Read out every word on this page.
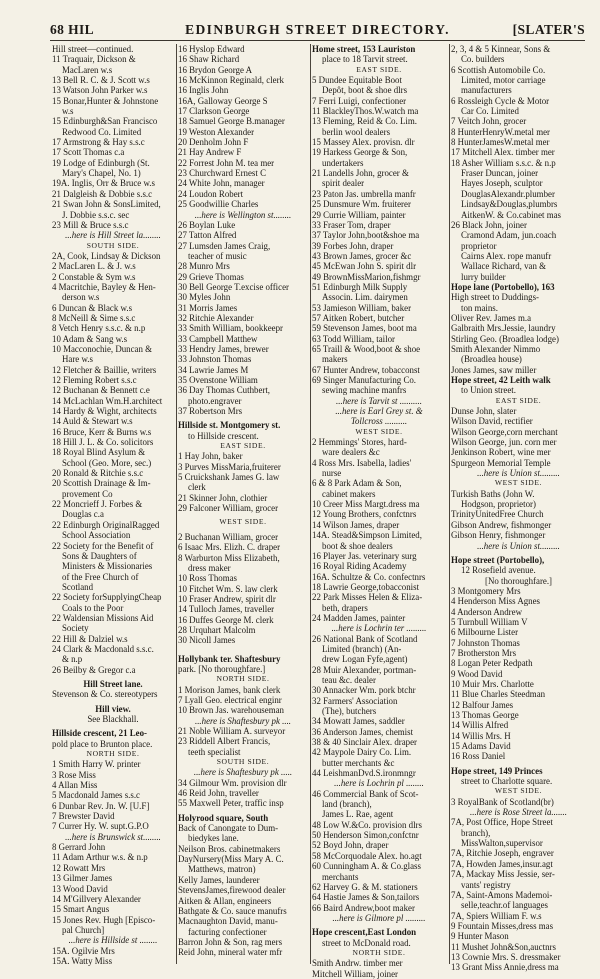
68 HIL	EDINBURGH STREET DIRECTORY.	[SLATER'S
Hill street—continued.
11 Traquair, Dickson &
MacLaren w.s
13 Bell R. C. & J. Scott w.s
13 Watson John Parker w.s
15 Bonar,Hunter & Johnstone
w.s
15 Edinburgh&San Francisco
Redwood Co. Limited
17 Armstrong & Hay s.s.c
17 Scott Thomas c.a
19 Lodge of Edinburgh (St.
Mary's Chapel, No. 1)
19A. Inglis, Orr & Bruce w.s
21 Dalgleish & Dobbie s.s.c
21 Swan John & SonsLimited,
J. Dobbie s.s.c. sec
23 Mill & Bruce s.s.c
...here is Hill Street la........
SOUTH SIDE.
2A, Cook, Lindsay & Dickson
2 MacLaren L. & J. w.s
2 Constable & Sym w.s
4 Macritchie, Bayley & Hen-
derson w.s
6 Duncan & Black w.s
8 McNeill & Sime s.s.c
8 Vetch Henry s.s.c. & n.p
10 Adam & Sang w.s
10 Macconochie, Duncan &
Hare w.s
12 Fletcher & Baillie, writers
12 Fleming Robert s.s.c
12 Buchanan & Bennett c.e
14 McLachlan Wm.H.architect
14 Hardy & Wight, architects
14 Auld & Stewart w.s
16 Bruce, Kerr & Burns w.s
18 Hill J. L. & Co. solicitors
18 Royal Blind Asylum &
School (Geo. More, sec.)
20 Ronald & Ritchie s.s.c
20 Scottish Drainage & Im-
provement Co
22 Moncrieff J. Forbes &
Douglas c.a
22 Edinburgh OriginalRagged
School Association
22 Society for the Benefit of
Sons & Daughters of
Ministers & Missionaries
of the Free Church of
Scotland
22 Society forSupplyingCheap
Coals to the Poor
22 Waldensian Missions Aid
Society
22 Hill & Dalziel w.s
24 Clark & Macdonald s.s.c.
& n.p
26 Beilby & Gregor c.a
Hill Street lane.
Stevenson & Co. stereotypers
Hill view.
See Blackhall.
Hillside crescent, 21 Leo-
pold place to Brunton place.
NORTH SIDE.
1 Smith Harry W. printer
3 Rose Miss
4 Allan Miss
5 Macdonald James s.s.c
6 Dunbar Rev. Jn. W. [U.F]
7 Brewster David
7 Currer Hy. W. supt.G.P.O
...here is Brunswick st........
8 Gerrard John
11 Adam Arthur w.s. & n.p
12 Rowatt Mrs
13 Gilmer James
13 Wood David
14 M'Gillvery Alexander
15 Smart Angus
15 Jones Rev. Hugh [Episco-
pal Church]
...here is Hillside st ........
15A. Ogilvie Mrs
15A. Watty Miss
16 Hyslop Edward
16 Shaw Richard
16 Brydon George A
16 McKinnon Reginald, clerk
16 Inglis John
16A, Galloway George S
17 Clarkson George
18 Samuel George B.manager
19 Weston Alexander
20 Denholm John F
21 Hay Andrew F
22 Forrest John M. tea mer
23 Churchward Ernest C
24 White John, manager
24 Loudon Robert
25 Goodwillie Charles
...here is Wellington st........
26 Boylan Luke
27 Tatton Alfred
27 Lumsden James Craig,
teacher of music
28 Munro Mrs
29 Grieve Thomas
30 Bell George T.excise officer
30 Myles John
31 Morris James
32 Ritchie Alexander
33 Smith William, bookkeepr
33 Campbell Matthew
33 Hendry James, brewer
33 Johnston Thomas
34 Lawrie James M
35 Ovenstone William
36 Day Thomas Cuthbert,
photo.engraver
37 Robertson Mrs
Hillside st. Montgomery st.
to Hillside crescent.
EAST SIDE.
1 Hay John, baker
3 Purves MissMaria,fruiterer
5 Cruickshank James G. law
clerk
21 Skinner John, clothier
29 Falconer William, grocer
WEST SIDE.
2 Buchanan William, grocer
6 Isaac Mrs. Elizh. C. draper
8 Warburton Miss Elizabeth,
dress maker
10 Ross Thomas
10 Fitchet Wm. S. law clerk
10 Fraser Andrew, spirit dlr
14 Tulloch James, traveller
16 Duffes George M. clerk
28 Urquhart Malcolm
30 Nicoll James
Hollybank ter. Shaftesbury
park. [No thoroughfare.]
NORTH SIDE.
1 Morison James, bank clerk
7 Lyall Geo. electrical enginr
10 Brown Jas. warehouseman
...here is Shaftesbury pk ....
21 Noble William A. surveyor
23 Riddell Albert Francis,
teeth specialist
SOUTH SIDE.
...here is Shaftesbury pk .....
34 Gilmour Wm. provision dlr
46 Reid John, traveller
55 Maxwell Peter, traffic insp
Holyrood square, South
Back of Canongate to Dum-
biedykes lane.
Neilson Bros. cabinetmakers
DayNursery(Miss Mary A. C.
Matthews, matron)
Kelly James, launderer
StevensJames,firewood dealer
Aitken & Allan, engineers
Bathgate & Co. sauce manufrs
Macnaughton David, manu-
facturing confectioner
Barron John & Son, rag mers
Reid John, mineral water mfr
Home street, 153 Lauriston
place to 18 Tarvit street.
EAST SIDE.
5 Dundee Equitable Boot
Depôt, boot & shoe dlrs
7 Ferri Luigi, confectioner
11 BlackleyThos.W.watch ma
13 Fleming, Reid & Co. Lim.
berlin wool dealers
15 Massey Alex. provisn. dlr
19 Harkess George & Son,
undertakers
21 Landells John, grocer &
spirit dealer
23 Paton Jas. umbrella manfr
25 Dunsmure Wm. fruiterer
29 Currie William, painter
33 Fraser Tom, draper
37 Taylor John,boot&shoe ma
39 Forbes John, draper
43 Brown James, grocer &c
45 McEwan John S. spirit dlr
49 BrownMissMarion,fishmgr
51 Edinburgh Milk Supply
Associn. Lim. dairymen
53 Jamieson William, baker
57 Aitken Robert, butcher
59 Stevenson James, boot ma
63 Todd William, tailor
65 Traill & Wood,boot & shoe
makers
67 Hunter Andrew, tobacconst
69 Singer Manufacturing Co.
sewing machine manfrs
...here is Tarvit st ..........
...here is Earl Grey st. &
Tollcross ..........
WEST SIDE.
2 Hemmings' Stores, hard-
ware dealers &c
4 Ross Mrs. Isabella, ladies'
nurse
6 & 8 Park Adam & Son,
cabinet makers
10 Creer Miss Margt.dress ma
12 Young Brothers, confctnrs
14 Wilson James, draper
14A. Stead&Simpson Limited,
boot & shoe dealers
16 Player Jas. veterinary surg
16 Royal Riding Academy
16A. Schultze & Co. confectnrs
18 Lawrie George,tobacconist
22 Park Misses Helen & Eliza-
beth, drapers
24 Madden James, painter
...here is Lochrin ter .........
26 National Bank of Scotland
Limited (branch) (An-
drew Logan Fyfe,agent)
28 Muir Alexander, portman-
teau &c. dealer
30 Annacker Wm. pork btchr
32 Farmers' Association
(The), butchers
34 Mowatt James, saddler
36 Anderson James, chemist
38 & 40 Sinclair Alex. draper
42 Maypole Dairy Co. Lim.
butter merchants &c
44 LeishmanDvd.S.ironmngr
...here is Lochrin pl ........
46 Commercial Bank of Scot-
land (branch),
James L. Rae, agent
48 Low W.&Co. provision dlrs
50 Henderson Simon,confctnr
52 Boyd John, draper
58 McCorquodale Alex. ho.agt
60 Cunningham A. & Co.glass
merchants
62 Harvey G. & M. stationers
64 Hastie James & Son,tailors
66 Baird Andrew,boot maker
...here is Gilmore pl .........
Hope crescent,East London
street to McDonald road.
NORTH SIDE.
Smith Andrw. timber mer
Mitchell William, joiner
2, 3, 4 & 5 Kinnear, Sons &
Co. builders
6 Scottish Automobile Co.
Limited, motor carriage
manufacturers
6 Rossleigh Cycle & Motor
Car Co. Limited
7 Veitch John, grocer
8 HunterHenryW.metal mer
8 HunterJamesW.metal mer
17 Mitchell Alex. timber mer
18 Asher William s.s.c. & n.p
Fraser Duncan, joiner
Hayes Joseph, sculptor
DouglasAlexandr.plumber
Lindsay&Douglas,plumbrs
AitkenW. & Co.cabinet mas
26 Black John, joiner
Cramond Adam, jun.coach
proprietor
Cairns Alex. rope manufr
Wallace Richard, van &
lurry builder
Hope lane (Portobello), 163
High street to Duddings-
ton mains.
Oliver Rev. James m.a
Galbraith Mrs.Jessie, laundry
Stirling Geo. (Broadlea lodge)
Smith Alexander Nimmo
(Broadlea house)
Jones James, saw miller
Hope street, 42 Leith walk
to Union street.
EAST SIDE.
Dunse John, slater
Wilson David, rectifier
Wilson George,corn merchant
Wilson George, jun. corn mer
Jenkinson Robert, wine mer
Spurgeon Memorial Temple
...here is Union st.........
WEST SIDE.
Turkish Baths (John W.
Hodgson, proprietor)
TrinityUnitedFree Church
Gibson Andrew, fishmonger
Gibson Henry, fishmonger
...here is Union st.........
Hope street (Portobello),
12 Rosefield avenue.
[No thoroughfare.]
3 Montgomery Mrs
4 Henderson Miss Agnes
4 Anderson Andrew
5 Turnbull William V
6 Milbourne Lister
7 Johnston Thomas
7 Brotherston Mrs
8 Logan Peter Redpath
9 Wood David
10 Muir Mrs. Charlotte
11 Blue Charles Steedman
12 Balfour James
13 Thomas George
14 Willis Alfred
14 Willis Mrs. H
15 Adams David
16 Ross Daniel
Hope street, 149 Princes
street to Charlotte square.
WEST SIDE.
3 RoyalBank of Scotland(br)
...here is Rose Street la.......
7A, Post Office, Hope Street
branch),
MissWalton,supervisor
7A, Ritchie Joseph, engraver
7A, Howden James,insur.agt
7A, Mackay Miss Jessie, ser-
vants' registry
7A, Saint-Amons Mademoi-
selle,teachr.of languages
7A, Spiers William F. w.s
9 Fountain Misses,dress mas
9 Hunter Mason
11 Mushet John&Son,auctnrs
13 Cownie Mrs. S. dressmaker
13 Grant Miss Annie,dress ma
